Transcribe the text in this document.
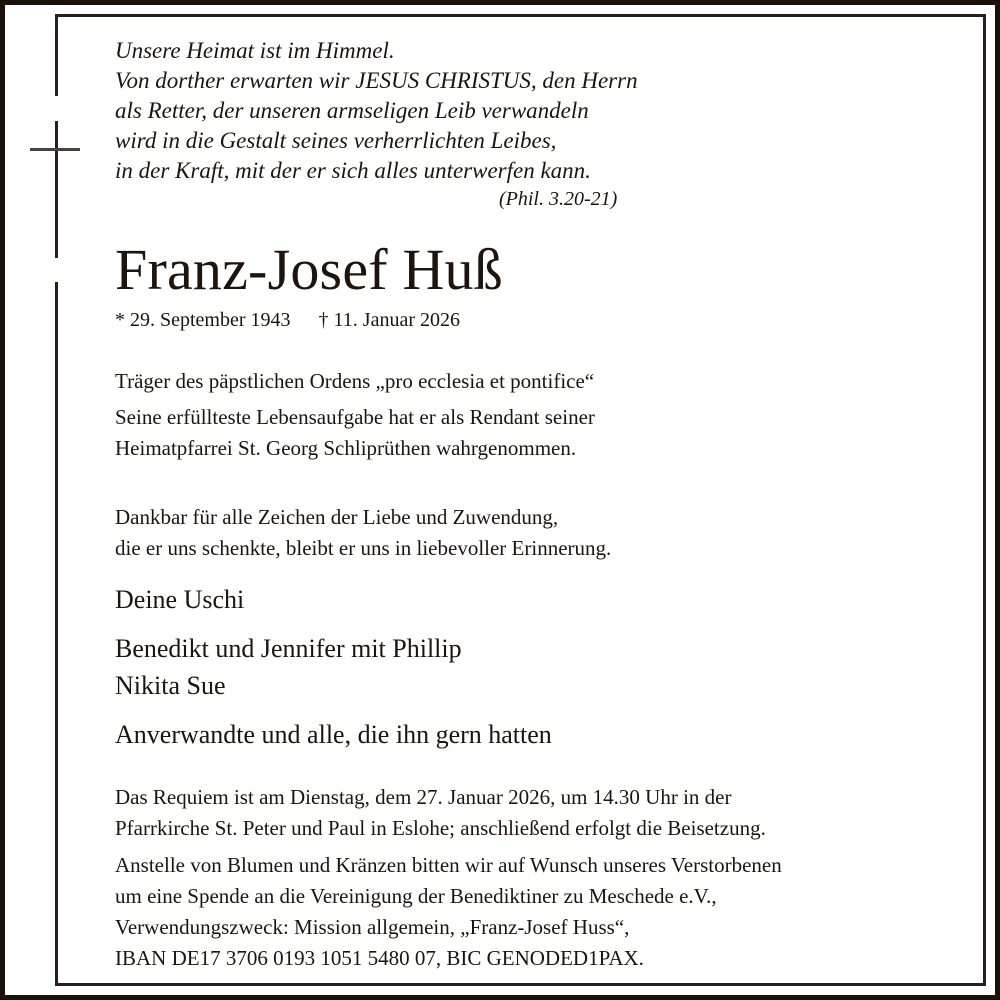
Unsere Heimat ist im Himmel.
Von dorther erwarten wir JESUS CHRISTUS, den Herrn
als Retter, der unseren armseligen Leib verwandeln
wird in die Gestalt seines verherrlichten Leibes,
in der Kraft, mit der er sich alles unterwerfen kann.
(Phil. 3.20-21)
Franz-Josef Huß
* 29. September 1943 † 11. Januar 2026
Träger des päpstlichen Ordens „pro ecclesia et pontifice“
Seine erfüllteste Lebensaufgabe hat er als Rendant seiner
Heimatpfarrei St. Georg Schliprüthen wahrgenommen.
Dankbar für alle Zeichen der Liebe und Zuwendung,
die er uns schenkte, bleibt er uns in liebevoller Erinnerung.
Deine Uschi
Benedikt und Jennifer mit Phillip
Nikita Sue
Anverwandte und alle, die ihn gern hatten
Das Requiem ist am Dienstag, dem 27. Januar 2026, um 14.30 Uhr in der
Pfarrkirche St. Peter und Paul in Eslohe; anschließend erfolgt die Beisetzung.
Anstelle von Blumen und Kränzen bitten wir auf Wunsch unseres Verstorbenen
um eine Spende an die Vereinigung der Benediktiner zu Meschede e.V.,
Verwendungszweck: Mission allgemein, „Franz-Josef Huss“,
IBAN DE17 3706 0193 1051 5480 07, BIC GENODED1PAX.
